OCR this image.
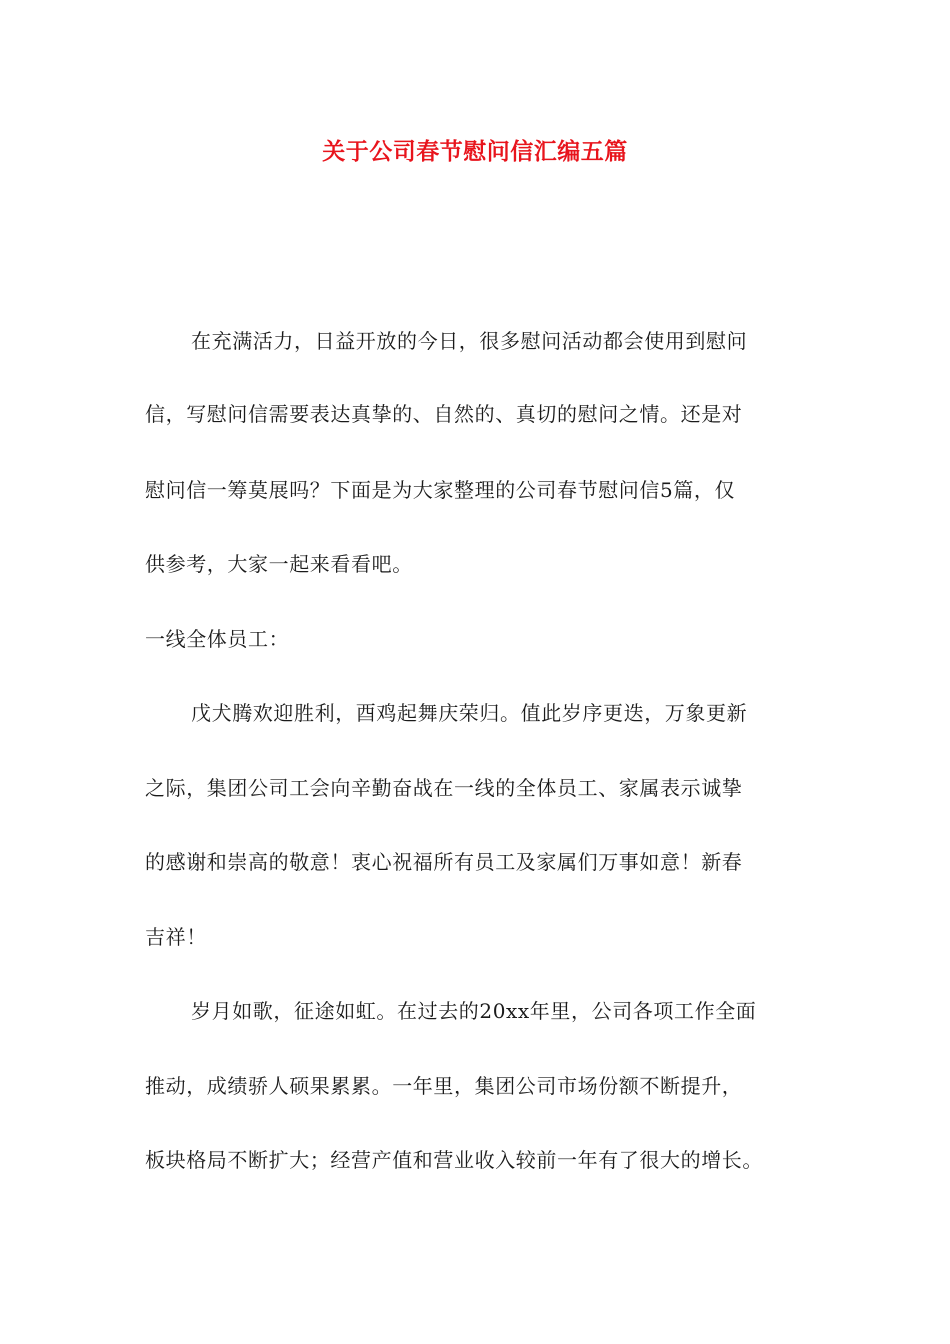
关于公司春节慰问信汇编五篇
在充满活力，日益开放的今日，很多慰问活动都会使用到慰问
信，写慰问信需要表达真挚的、自然的、真切的慰问之情。还是对
慰问信一筹莫展吗？下面是为大家整理的公司春节慰问信5篇，仅
供参考，大家一起来看看吧。
一线全体员工：
戊犬腾欢迎胜利，酉鸡起舞庆荣归。值此岁序更迭，万象更新
之际，集团公司工会向辛勤奋战在一线的全体员工、家属表示诚挚
的感谢和崇高的敬意！衷心祝福所有员工及家属们万事如意！新春
吉祥！
岁月如歌，征途如虹。在过去的20xx年里，公司各项工作全面
推动，成绩骄人硕果累累。一年里，集团公司市场份额不断提升，
板块格局不断扩大；经营产值和营业收入较前一年有了很大的增长。
